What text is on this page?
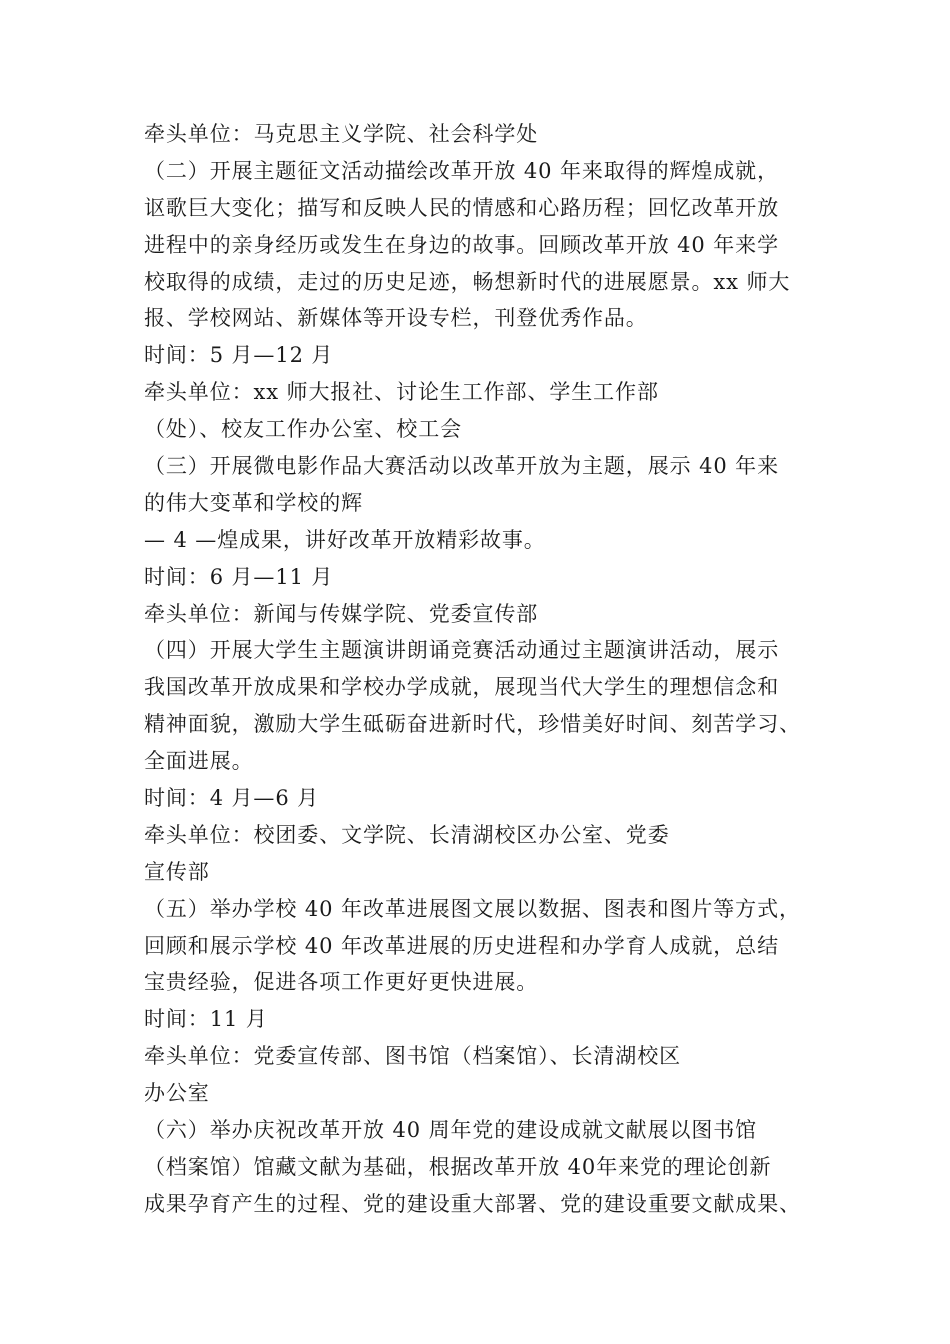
牵头单位：马克思主义学院、社会科学处
（二）开展主题征文活动描绘改革开放 40 年来取得的辉煌成就，
讴歌巨大变化；描写和反映人民的情感和心路历程；回忆改革开放
进程中的亲身经历或发生在身边的故事。回顾改革开放 40 年来学
校取得的成绩，走过的历史足迹，畅想新时代的进展愿景。xx 师大
报、学校网站、新媒体等开设专栏，刊登优秀作品。
时间：5 月—12 月
牵头单位：xx 师大报社、讨论生工作部、学生工作部
（处）、校友工作办公室、校工会
（三）开展微电影作品大赛活动以改革开放为主题，展示 40 年来
的伟大变革和学校的辉
— 4 —煌成果，讲好改革开放精彩故事。
时间：6 月—11 月
牵头单位：新闻与传媒学院、党委宣传部
（四）开展大学生主题演讲朗诵竞赛活动通过主题演讲活动，展示
我国改革开放成果和学校办学成就，展现当代大学生的理想信念和
精神面貌，激励大学生砥砺奋进新时代，珍惜美好时间、刻苦学习、
全面进展。
时间：4 月—6 月
牵头单位：校团委、文学院、长清湖校区办公室、党委
宣传部
（五）举办学校 40 年改革进展图文展以数据、图表和图片等方式，
回顾和展示学校 40 年改革进展的历史进程和办学育人成就，总结
宝贵经验，促进各项工作更好更快进展。
时间：11 月
牵头单位：党委宣传部、图书馆（档案馆）、长清湖校区
办公室
（六）举办庆祝改革开放 40 周年党的建设成就文献展以图书馆
（档案馆）馆藏文献为基础，根据改革开放 40年来党的理论创新
成果孕育产生的过程、党的建设重大部署、党的建设重要文献成果、
